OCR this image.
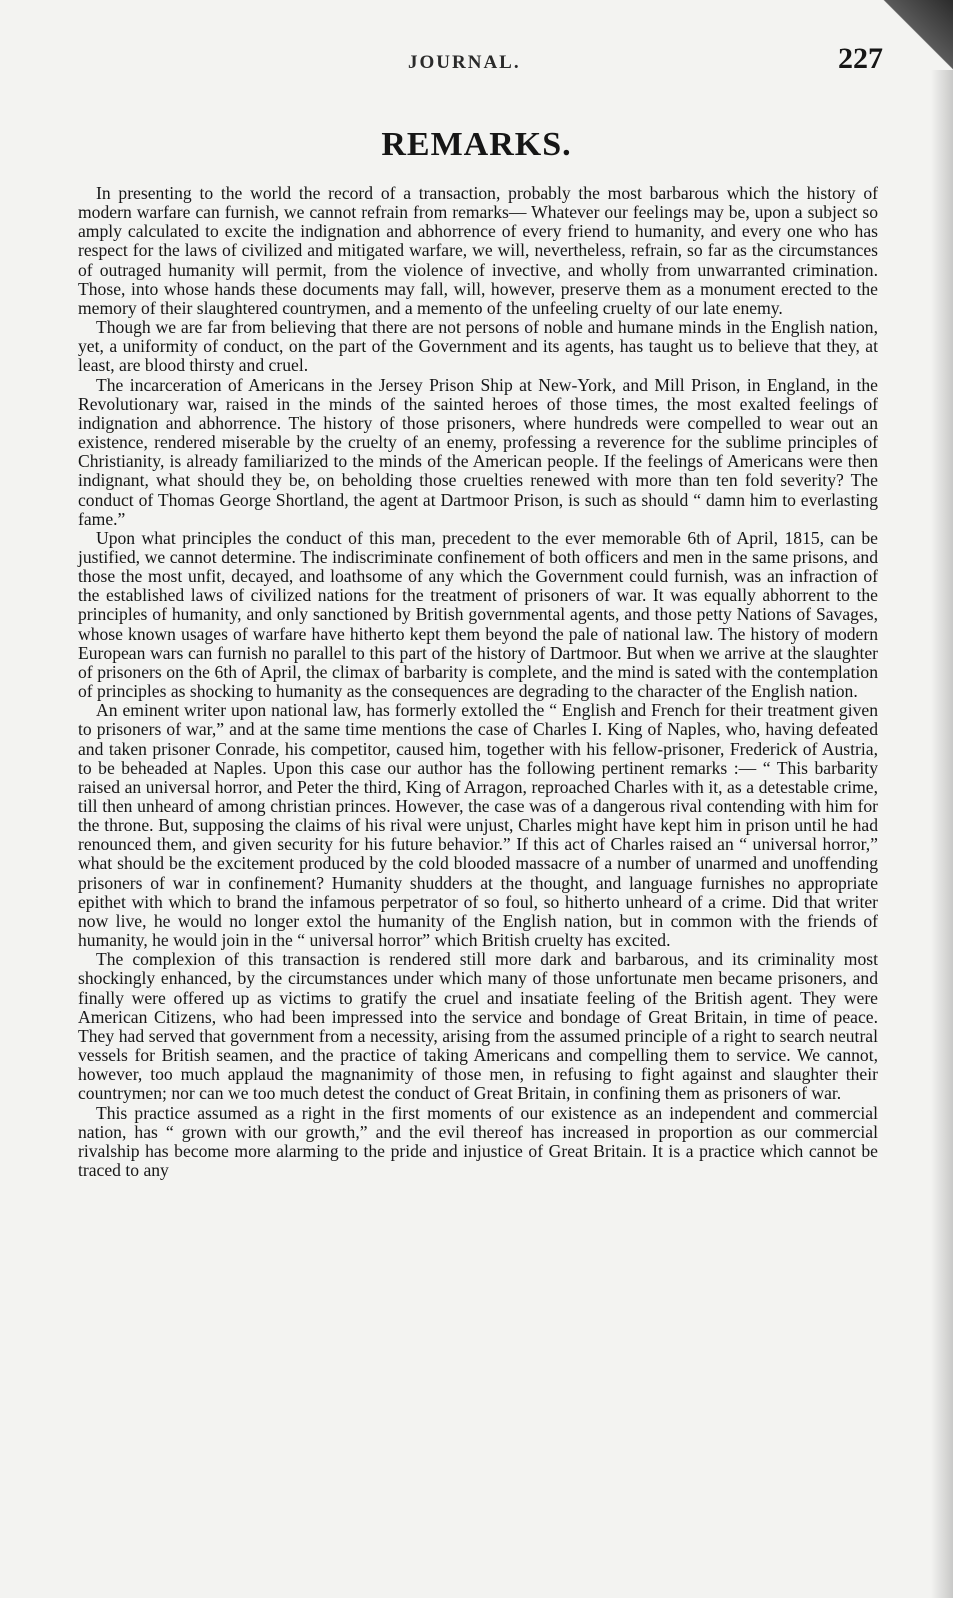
JOURNAL.	227
REMARKS.

In presenting to the world the record of a transaction, probably the most barbarous which the history of modern warfare can furnish, we cannot refrain from remarks— Whatever our feelings may be, upon a subject so amply calculated to excite the indignation and abhorrence of every friend to humanity, and every one who has respect for the laws of civilized and mitigated warfare, we will, nevertheless, refrain, so far as the circumstances of outraged humanity will permit, from the violence of invective, and wholly from unwarranted crimination. Those, into whose hands these documents may fall, will, however, preserve them as a monument erected to the memory of their slaughtered countrymen, and a memento of the unfeeling cruelty of our late enemy.

Though we are far from believing that there are not persons of noble and humane minds in the English nation, yet, a uniformity of conduct, on the part of the Government and its agents, has taught us to believe that they, at least, are blood thirsty and cruel.

The incarceration of Americans in the Jersey Prison Ship at New-York, and Mill Prison, in England, in the Revolutionary war, raised in the minds of the sainted heroes of those times, the most exalted feelings of indignation and abhorrence. The history of those prisoners, where hundreds were compelled to wear out an existence, rendered miserable by the cruelty of an enemy, professing a reverence for the sublime principles of Christianity, is already familiarized to the minds of the American people. If the feelings of Americans were then indignant, what should they be, on beholding those cruelties renewed with more than ten fold severity? The conduct of Thomas George Shortland, the agent at Dartmoor Prison, is such as should “ damn him to everlasting fame.”

Upon what principles the conduct of this man, precedent to the ever memorable 6th of April, 1815, can be justified, we cannot determine. The indiscriminate confinement of both officers and men in the same prisons, and those the most unfit, decayed, and loathsome of any which the Government could furnish, was an infraction of the established laws of civilized nations for the treatment of prisoners of war. It was equally abhorrent to the principles of humanity, and only sanctioned by British governmental agents, and those petty Nations of Savages, whose known usages of warfare have hitherto kept them beyond the pale of national law. The history of modern European wars can furnish no parallel to this part of the history of Dartmoor. But when we arrive at the slaughter of prisoners on the 6th of April, the climax of barbarity is complete, and the mind is sated with the contemplation of principles as shocking to humanity as the consequences are degrading to the character of the English nation.

An eminent writer upon national law, has formerly extolled the “ English and French for their treatment given to prisoners of war,” and at the same time mentions the case of Charles I. King of Naples, who, having defeated and taken prisoner Conrade, his competitor, caused him, together with his fellow-prisoner, Frederick of Austria, to be beheaded at Naples. Upon this case our author has the following pertinent remarks :— “ This barbarity raised an universal horror, and Peter the third, King of Arragon, reproached Charles with it, as a detestable crime, till then unheard of among christian princes. However, the case was of a dangerous rival contending with him for the throne. But, supposing the claims of his rival were unjust, Charles might have kept him in prison until he had renounced them, and given security for his future behavior.” If this act of Charles raised an “ universal horror,” what should be the excitement produced by the cold blooded massacre of a number of unarmed and unoffending prisoners of war in confinement? Humanity shudders at the thought, and language furnishes no appropriate epithet with which to brand the infamous perpetrator of so foul, so hitherto unheard of a crime. Did that writer now live, he would no longer extol the humanity of the English nation, but in common with the friends of humanity, he would join in the “ universal horror” which British cruelty has excited.

The complexion of this transaction is rendered still more dark and barbarous, and its criminality most shockingly enhanced, by the circumstances under which many of those unfortunate men became prisoners, and finally were offered up as victims to gratify the cruel and insatiate feeling of the British agent. They were American Citizens, who had been impressed into the service and bondage of Great Britain, in time of peace. They had served that government from a necessity, arising from the assumed principle of a right to search neutral vessels for British seamen, and the practice of taking Americans and compelling them to service. We cannot, however, too much applaud the magnanimity of those men, in refusing to fight against and slaughter their countrymen; nor can we too much detest the conduct of Great Britain, in confining them as prisoners of war.

This practice assumed as a right in the first moments of our existence as an independent and commercial nation, has “ grown with our growth,” and the evil thereof has increased in proportion as our commercial rivalship has become more alarming to the pride and injustice of Great Britain. It is a practice which cannot be traced to any
